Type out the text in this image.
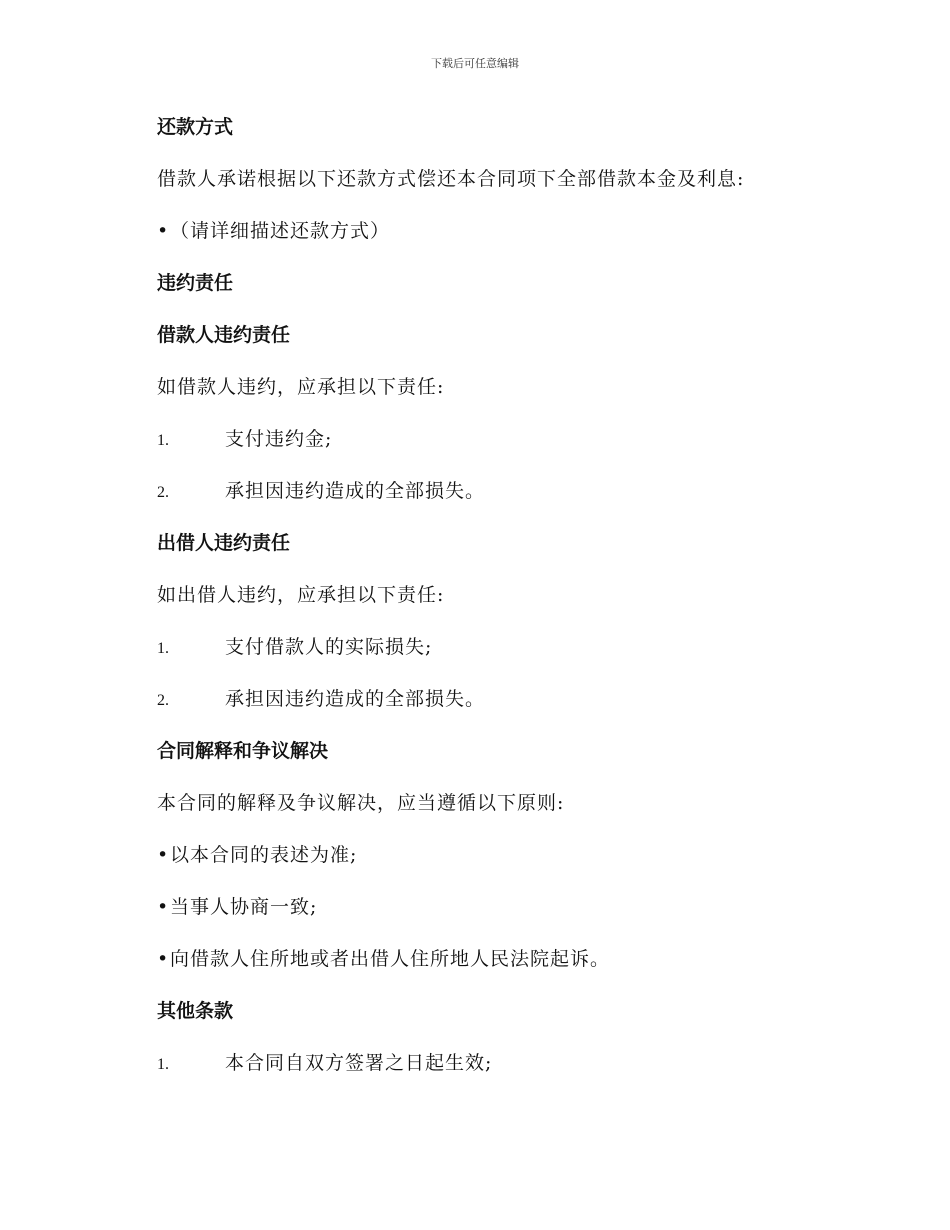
下载后可任意编辑
还款方式
借款人承诺根据以下还款方式偿还本合同项下全部借款本金及利息:
•（请详细描述还款方式）
违约责任
借款人违约责任
如借款人违约，应承担以下责任:
1.	支付违约金;
2.	承担因违约造成的全部损失。
出借人违约责任
如出借人违约，应承担以下责任:
1.	支付借款人的实际损失;
2.	承担因违约造成的全部损失。
合同解释和争议解决
本合同的解释及争议解决，应当遵循以下原则:
•以本合同的表述为准;
•当事人协商一致;
•向借款人住所地或者出借人住所地人民法院起诉。
其他条款
1.	本合同自双方签署之日起生效;
